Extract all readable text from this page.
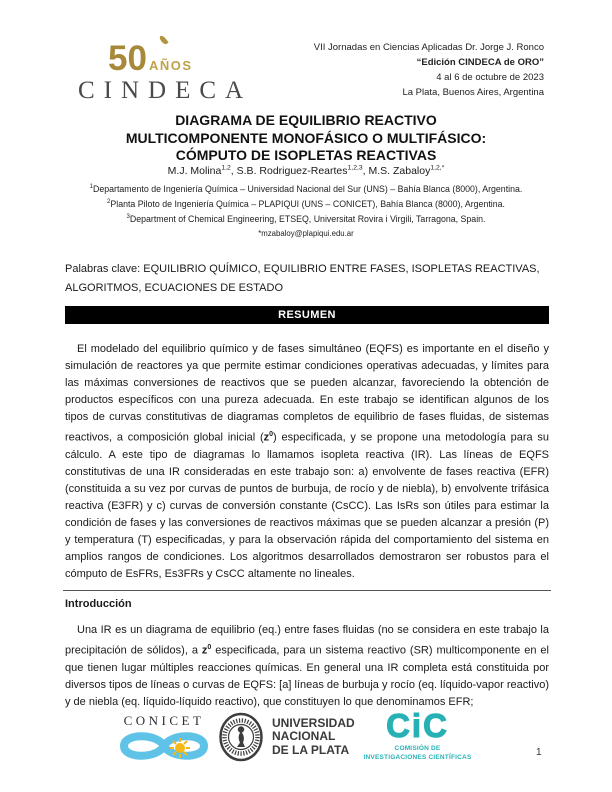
50 AÑOS
CINDECA
VII Jornadas en Ciencias Aplicadas Dr. Jorge J. Ronco
“Edición CINDECA de ORO”
4 al 6 de octubre de 2023
La Plata, Buenos Aires, Argentina
DIAGRAMA DE EQUILIBRIO REACTIVO
MULTICOMPONENTE MONOFÁSICO O MULTIFÁSICO:
CÓMPUTO DE ISOPLETAS REACTIVAS
M.J. Molina$^{1,2}$, S.B. Rodriguez-Reartes$^{1,2,3}$, M.S. Zabaloy$^{1,2,*}$
$^1$Departamento de Ingeniería Química – Universidad Nacional del Sur (UNS) – Bahía Blanca (8000), Argentina.
$^2$Planta Piloto de Ingeniería Química – PLAPIQUI (UNS – CONICET), Bahía Blanca (8000), Argentina.
$^3$Department of Chemical Engineering, ETSEQ, Universitat Rovira i Virgili, Tarragona, Spain.
*mzabaloy@plapiqui.edu.ar
Palabras clave: EQUILIBRIO QUÍMICO, EQUILIBRIO ENTRE FASES, ISOPLETAS REACTIVAS, ALGORITMOS, ECUACIONES DE ESTADO
RESUMEN
El modelado del equilibrio químico y de fases simultáneo (EQFS) es importante en el diseño y simulación de reactores ya que permite estimar condiciones operativas adecuadas, y límites para las máximas conversiones de reactivos que se pueden alcanzar, favoreciendo la obtención de productos específicos con una pureza adecuada. En este trabajo se identifican algunos de los tipos de curvas constitutivas de diagramas completos de equilibrio de fases fluidas, de sistemas reactivos, a composición global inicial $(z^0)$ especificada, y se propone una metodología para su cálculo. A este tipo de diagramas lo llamamos isopleta reactiva (IR). Las líneas de EQFS constitutivas de una IR consideradas en este trabajo son: a) envolvente de fases reactiva (EFR) (constituida a su vez por curvas de puntos de burbuja, de rocío y de niebla), b) envolvente trifásica reactiva (E3FR) y c) curvas de conversión constante (CsCC). Las IsRs son útiles para estimar la condición de fases y las conversiones de reactivos máximas que se pueden alcanzar a presión (P) y temperatura (T) especificadas, y para la observación rápida del comportamiento del sistema en amplios rangos de condiciones. Los algoritmos desarrollados demostraron ser robustos para el cómputo de EsFRs, Es3FRs y CsCC altamente no lineales.
Introducción
Una IR es un diagrama de equilibrio (eq.) entre fases fluidas (no se considera en este trabajo la precipitación de sólidos), a $z^0$ especificada, para un sistema reactivo (SR) multicomponente en el que tienen lugar múltiples reacciones químicas. En general una IR completa está constituida por diversos tipos de líneas o curvas de EQFS: [a] líneas de burbuja y rocío (eq. líquido-vapor reactivo) y de niebla (eq. líquido-líquido reactivo), que constituyen lo que denominamos EFR;
CONICET	UNIVERSIDAD
NACIONAL
DE LA PLATA
CiC
COMISIÓN DE
INVESTIGACIONES CIENTÍFICAS	1
